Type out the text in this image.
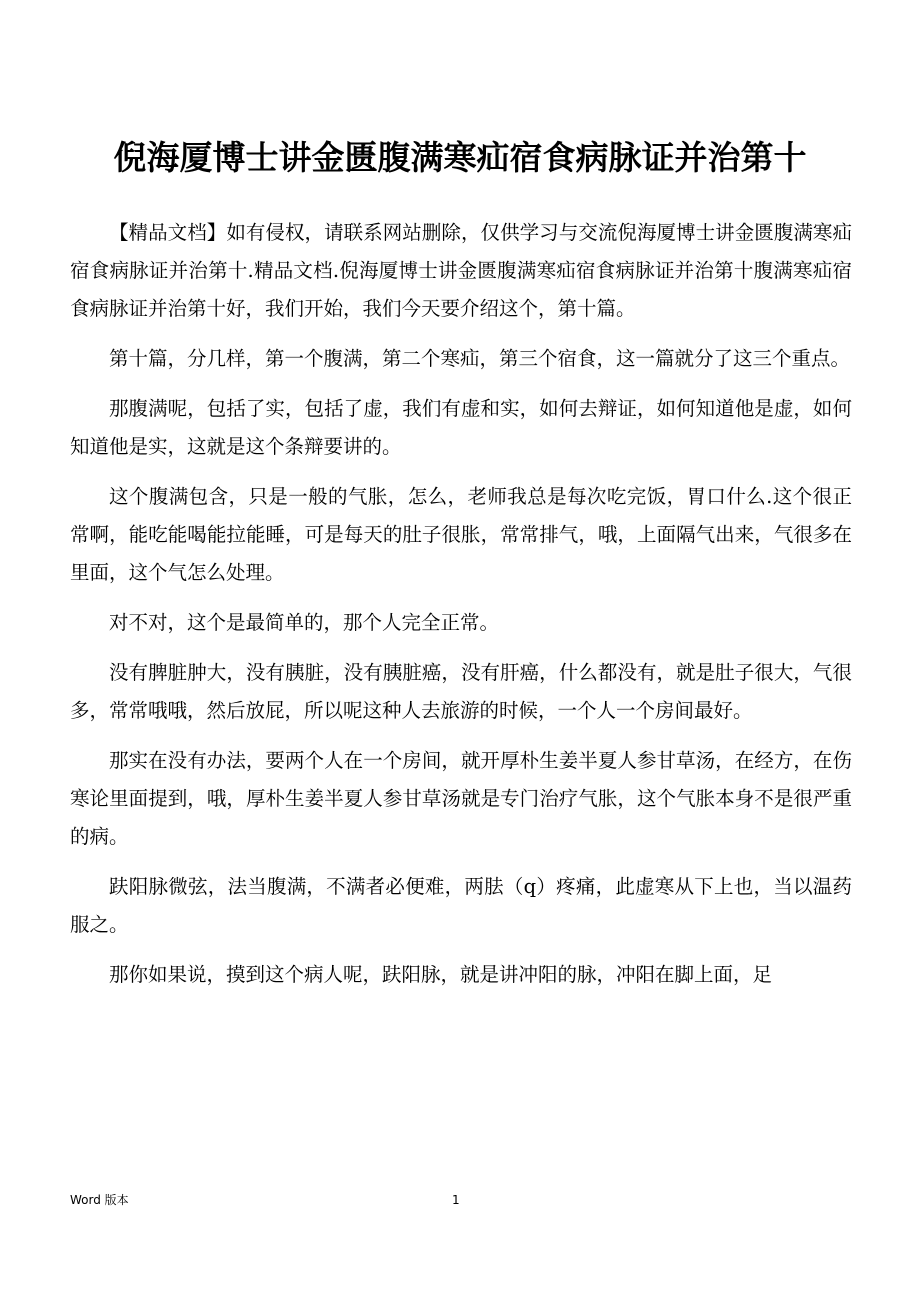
倪海厦博士讲金匮腹满寒疝宿食病脉证并治第十

【精品文档】如有侵权，请联系网站删除，仅供学习与交流倪海厦博士讲金匮腹满寒疝宿食病脉证并治第十.精品文档.倪海厦博士讲金匮腹满寒疝宿食病脉证并治第十腹满寒疝宿食病脉证并治第十好，我们开始，我们今天要介绍这个，第十篇。

第十篇，分几样，第一个腹满，第二个寒疝，第三个宿食，这一篇就分了这三个重点。

那腹满呢，包括了实，包括了虚，我们有虚和实，如何去辩证，如何知道他是虚，如何知道他是实，这就是这个条辩要讲的。

这个腹满包含，只是一般的气胀，怎么，老师我总是每次吃完饭，胃口什么.这个很正常啊，能吃能喝能拉能睡，可是每天的肚子很胀，常常排气，哦，上面隔气出来，气很多在里面，这个气怎么处理。

对不对，这个是最简单的，那个人完全正常。

没有脾脏肿大，没有胰脏，没有胰脏癌，没有肝癌，什么都没有，就是肚子很大，气很多，常常哦哦，然后放屁，所以呢这种人去旅游的时候，一个人一个房间最好。

那实在没有办法，要两个人在一个房间，就开厚朴生姜半夏人参甘草汤，在经方，在伤寒论里面提到，哦，厚朴生姜半夏人参甘草汤就是专门治疗气胀，这个气胀本身不是很严重的病。

趺阳脉微弦，法当腹满，不满者必便难，两胠（q）疼痛，此虚寒从下上也，当以温药服之。

那你如果说，摸到这个病人呢，趺阳脉，就是讲冲阳的脉，冲阳在脚上面，足

Word 版本	1
